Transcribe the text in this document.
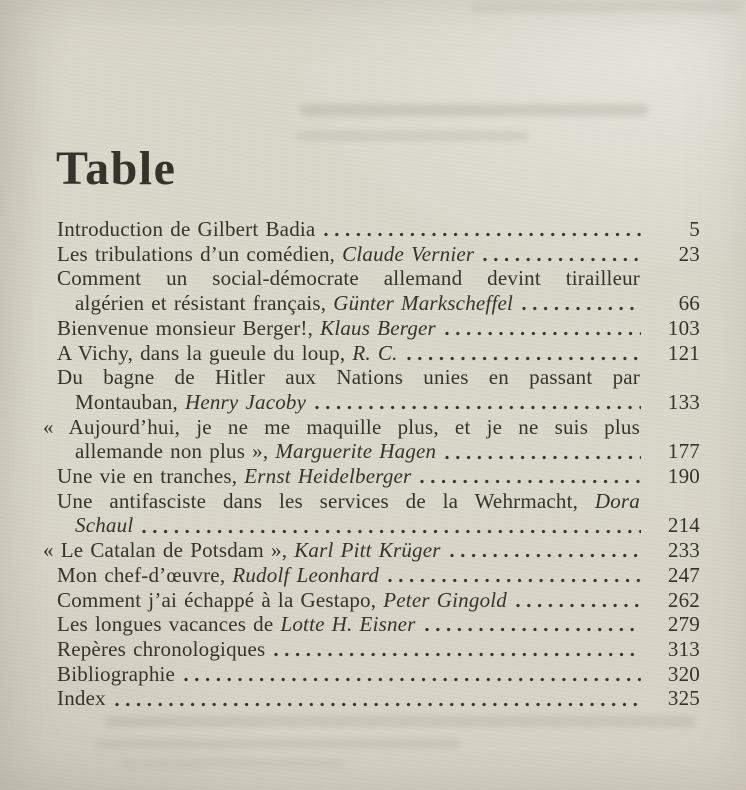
Table
Introduction de Gilbert Badia	5
Les tribulations d’un comédien, Claude Vernier	23
Comment un social-démocrate allemand devint tirailleur
algérien et résistant français, Günter Markscheffel	66
Bienvenue monsieur Berger!, Klaus Berger	103
A Vichy, dans la gueule du loup, R. C.	121
Du bagne de Hitler aux Nations unies en passant par
Montauban, Henry Jacoby	133
« Aujourd’hui, je ne me maquille plus, et je ne suis plus
allemande non plus », Marguerite Hagen	177
Une vie en tranches, Ernst Heidelberger	190
Une antifasciste dans les services de la Wehrmacht, Dora
Schaul	214
« Le Catalan de Potsdam », Karl Pitt Krüger	233
Mon chef-d’œuvre, Rudolf Leonhard	247
Comment j’ai échappé à la Gestapo, Peter Gingold	262
Les longues vacances de Lotte H. Eisner	279
Repères chronologiques	313
Bibliographie	320
Index	325
